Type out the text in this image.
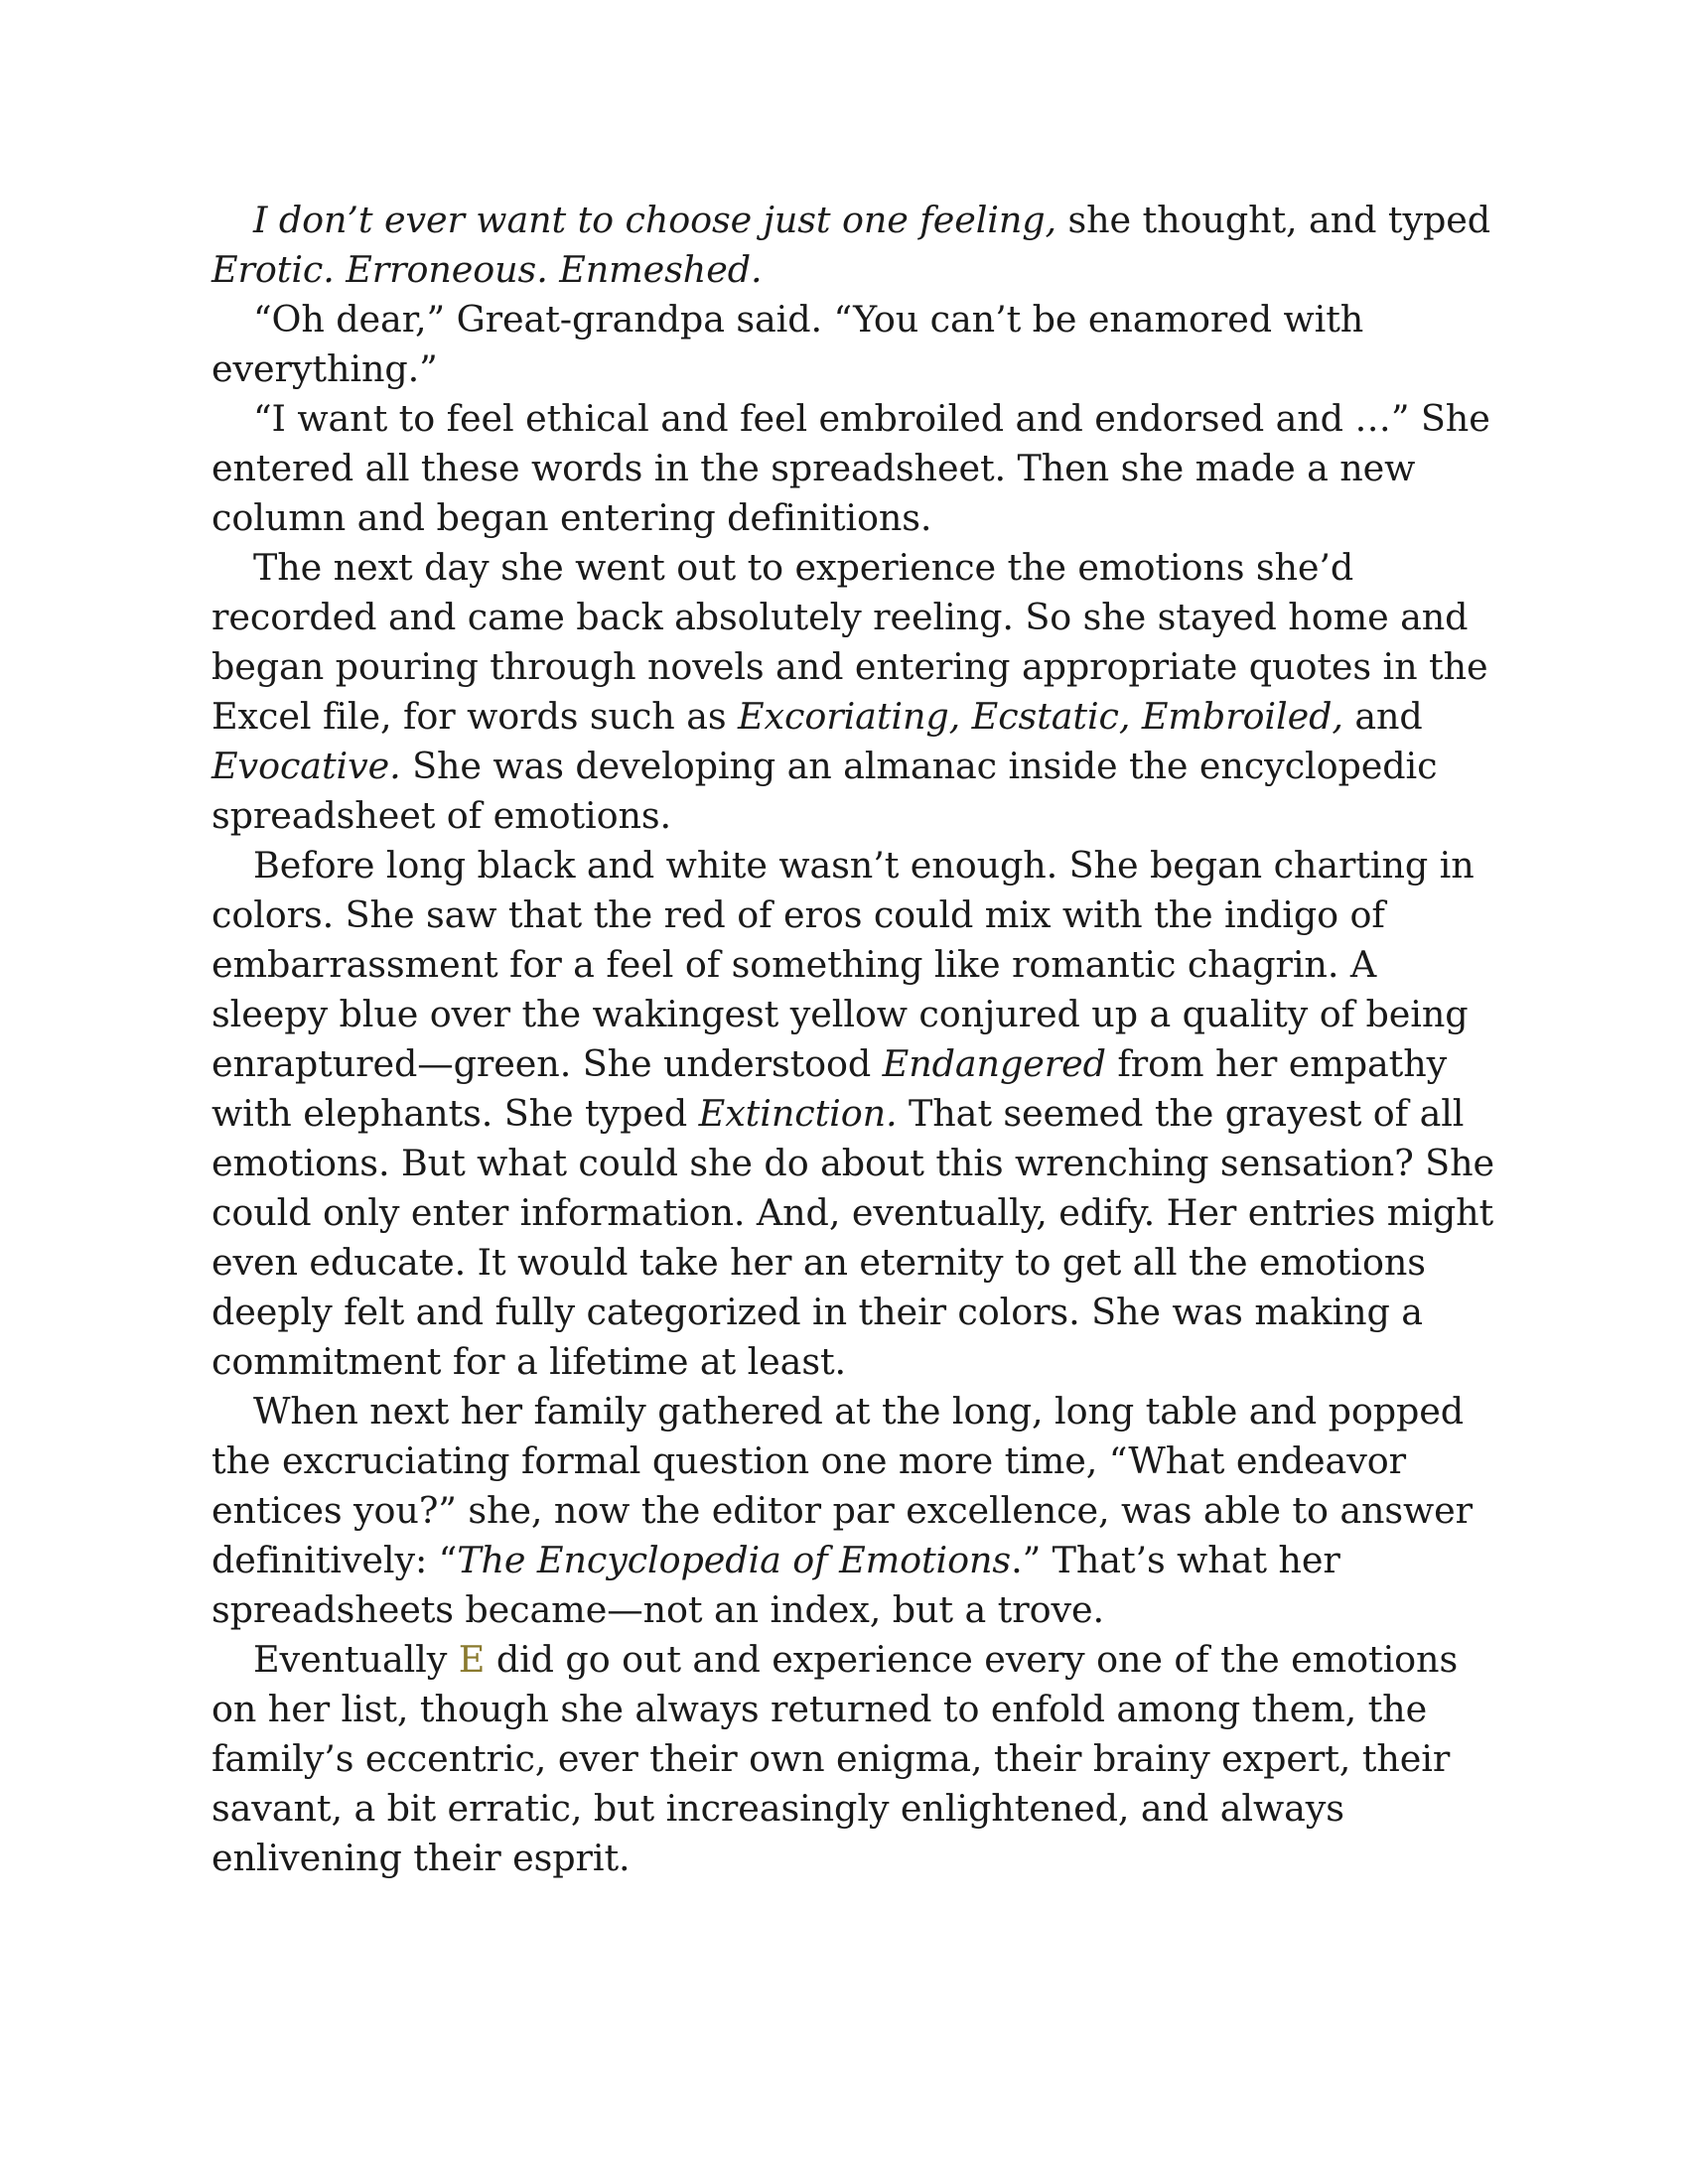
I don’t ever want to choose just one feeling, she thought, and typed Erotic. Erroneous. Enmeshed.

“Oh dear,” Great-grandpa said. “You can’t be enamored with everything.”

“I want to feel ethical and feel embroiled and endorsed and …” She entered all these words in the spreadsheet. Then she made a new column and began entering definitions.

The next day she went out to experience the emotions she’d recorded and came back absolutely reeling. So she stayed home and began pouring through novels and entering appropriate quotes in the Excel file, for words such as Excoriating, Ecstatic, Embroiled, and Evocative. She was developing an almanac inside the encyclopedic spreadsheet of emotions.

Before long black and white wasn’t enough. She began charting in colors. She saw that the red of eros could mix with the indigo of embarrassment for a feel of something like romantic chagrin. A sleepy blue over the wakingest yellow conjured up a quality of being enraptured—green. She understood Endangered from her empathy with elephants. She typed Extinction. That seemed the grayest of all emotions. But what could she do about this wrenching sensation? She could only enter information. And, eventually, edify. Her entries might even educate. It would take her an eternity to get all the emotions deeply felt and fully categorized in their colors. She was making a commitment for a lifetime at least.

When next her family gathered at the long, long table and popped the excruciating formal question one more time, “What endeavor entices you?” she, now the editor par excellence, was able to answer definitively: “The Encyclopedia of Emotions.” That’s what her spreadsheets became—not an index, but a trove.

Eventually E did go out and experience every one of the emotions on her list, though she always returned to enfold among them, the family’s eccentric, ever their own enigma, their brainy expert, their savant, a bit erratic, but increasingly enlightened, and always enlivening their esprit.
